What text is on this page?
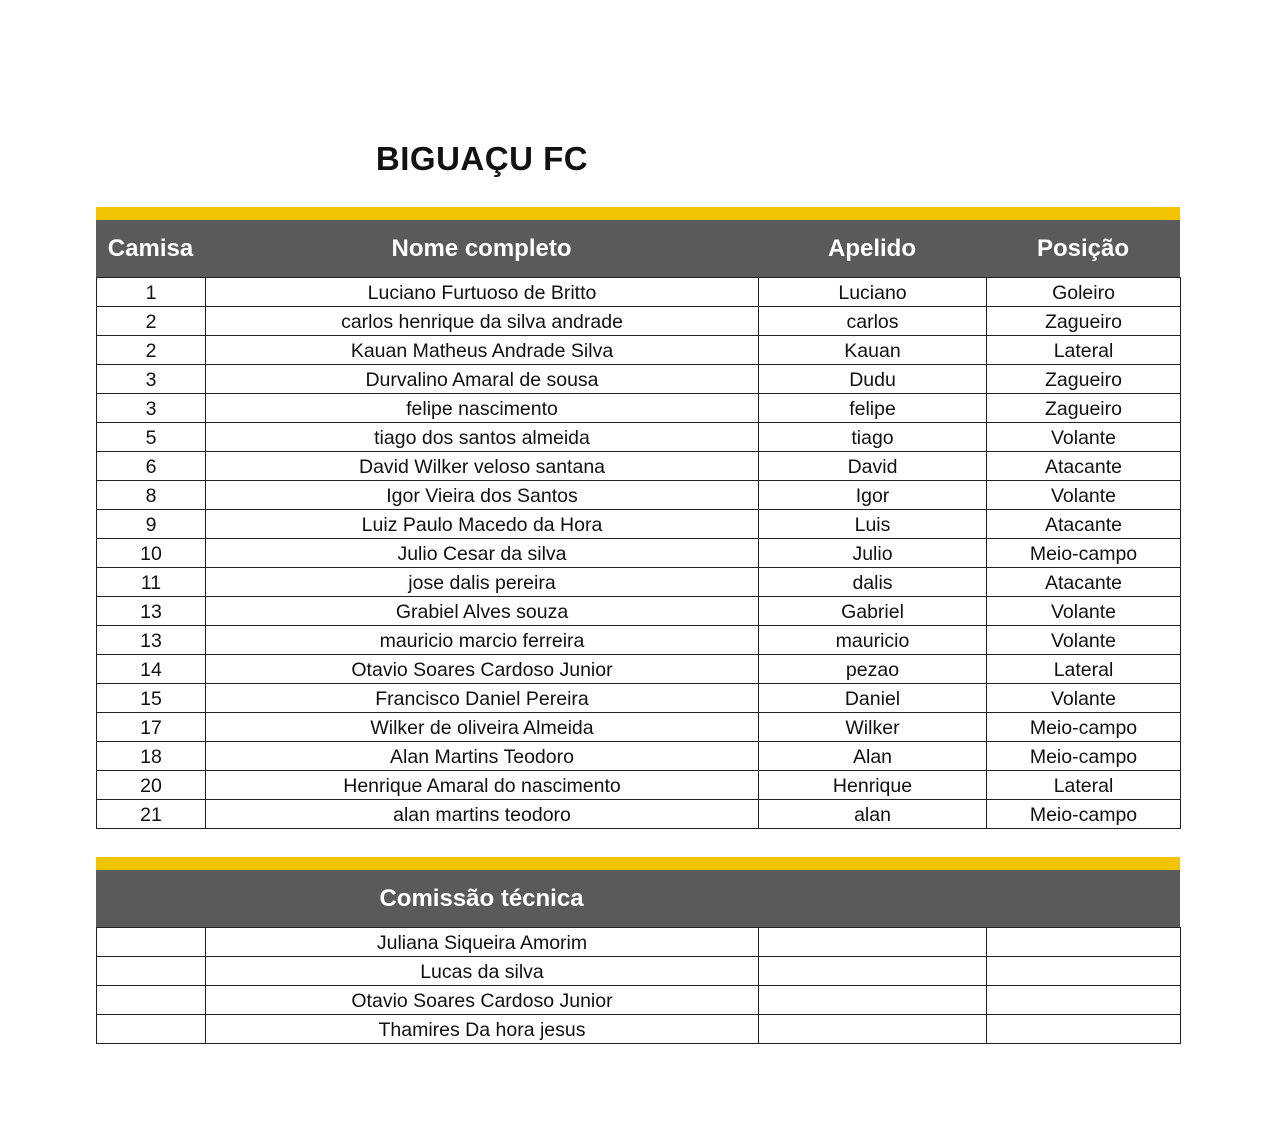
BIGUAÇU FC
Camisa	Nome completo	Apelido	Posição
1	Luciano Furtuoso de Britto	Luciano	Goleiro
2	carlos henrique da silva andrade	carlos	Zagueiro
2	Kauan Matheus Andrade Silva	Kauan	Lateral
3	Durvalino Amaral de sousa	Dudu	Zagueiro
3	felipe nascimento	felipe	Zagueiro
5	tiago dos santos almeida	tiago	Volante
6	David Wilker veloso santana	David	Atacante
8	Igor Vieira dos Santos	Igor	Volante
9	Luiz Paulo Macedo da Hora	Luis	Atacante
10	Julio Cesar da silva	Julio	Meio-campo
11	jose dalis pereira	dalis	Atacante
13	Grabiel Alves souza	Gabriel	Volante
13	mauricio marcio ferreira	mauricio	Volante
14	Otavio Soares Cardoso Junior	pezao	Lateral
15	Francisco Daniel Pereira	Daniel	Volante
17	Wilker de oliveira Almeida	Wilker	Meio-campo
18	Alan Martins Teodoro	Alan	Meio-campo
20	Henrique Amaral do nascimento	Henrique	Lateral
21	alan martins teodoro	alan	Meio-campo
Comissão técnica
	Juliana Siqueira Amorim		
	Lucas da silva		
	Otavio Soares Cardoso Junior		
	Thamires Da hora jesus		
